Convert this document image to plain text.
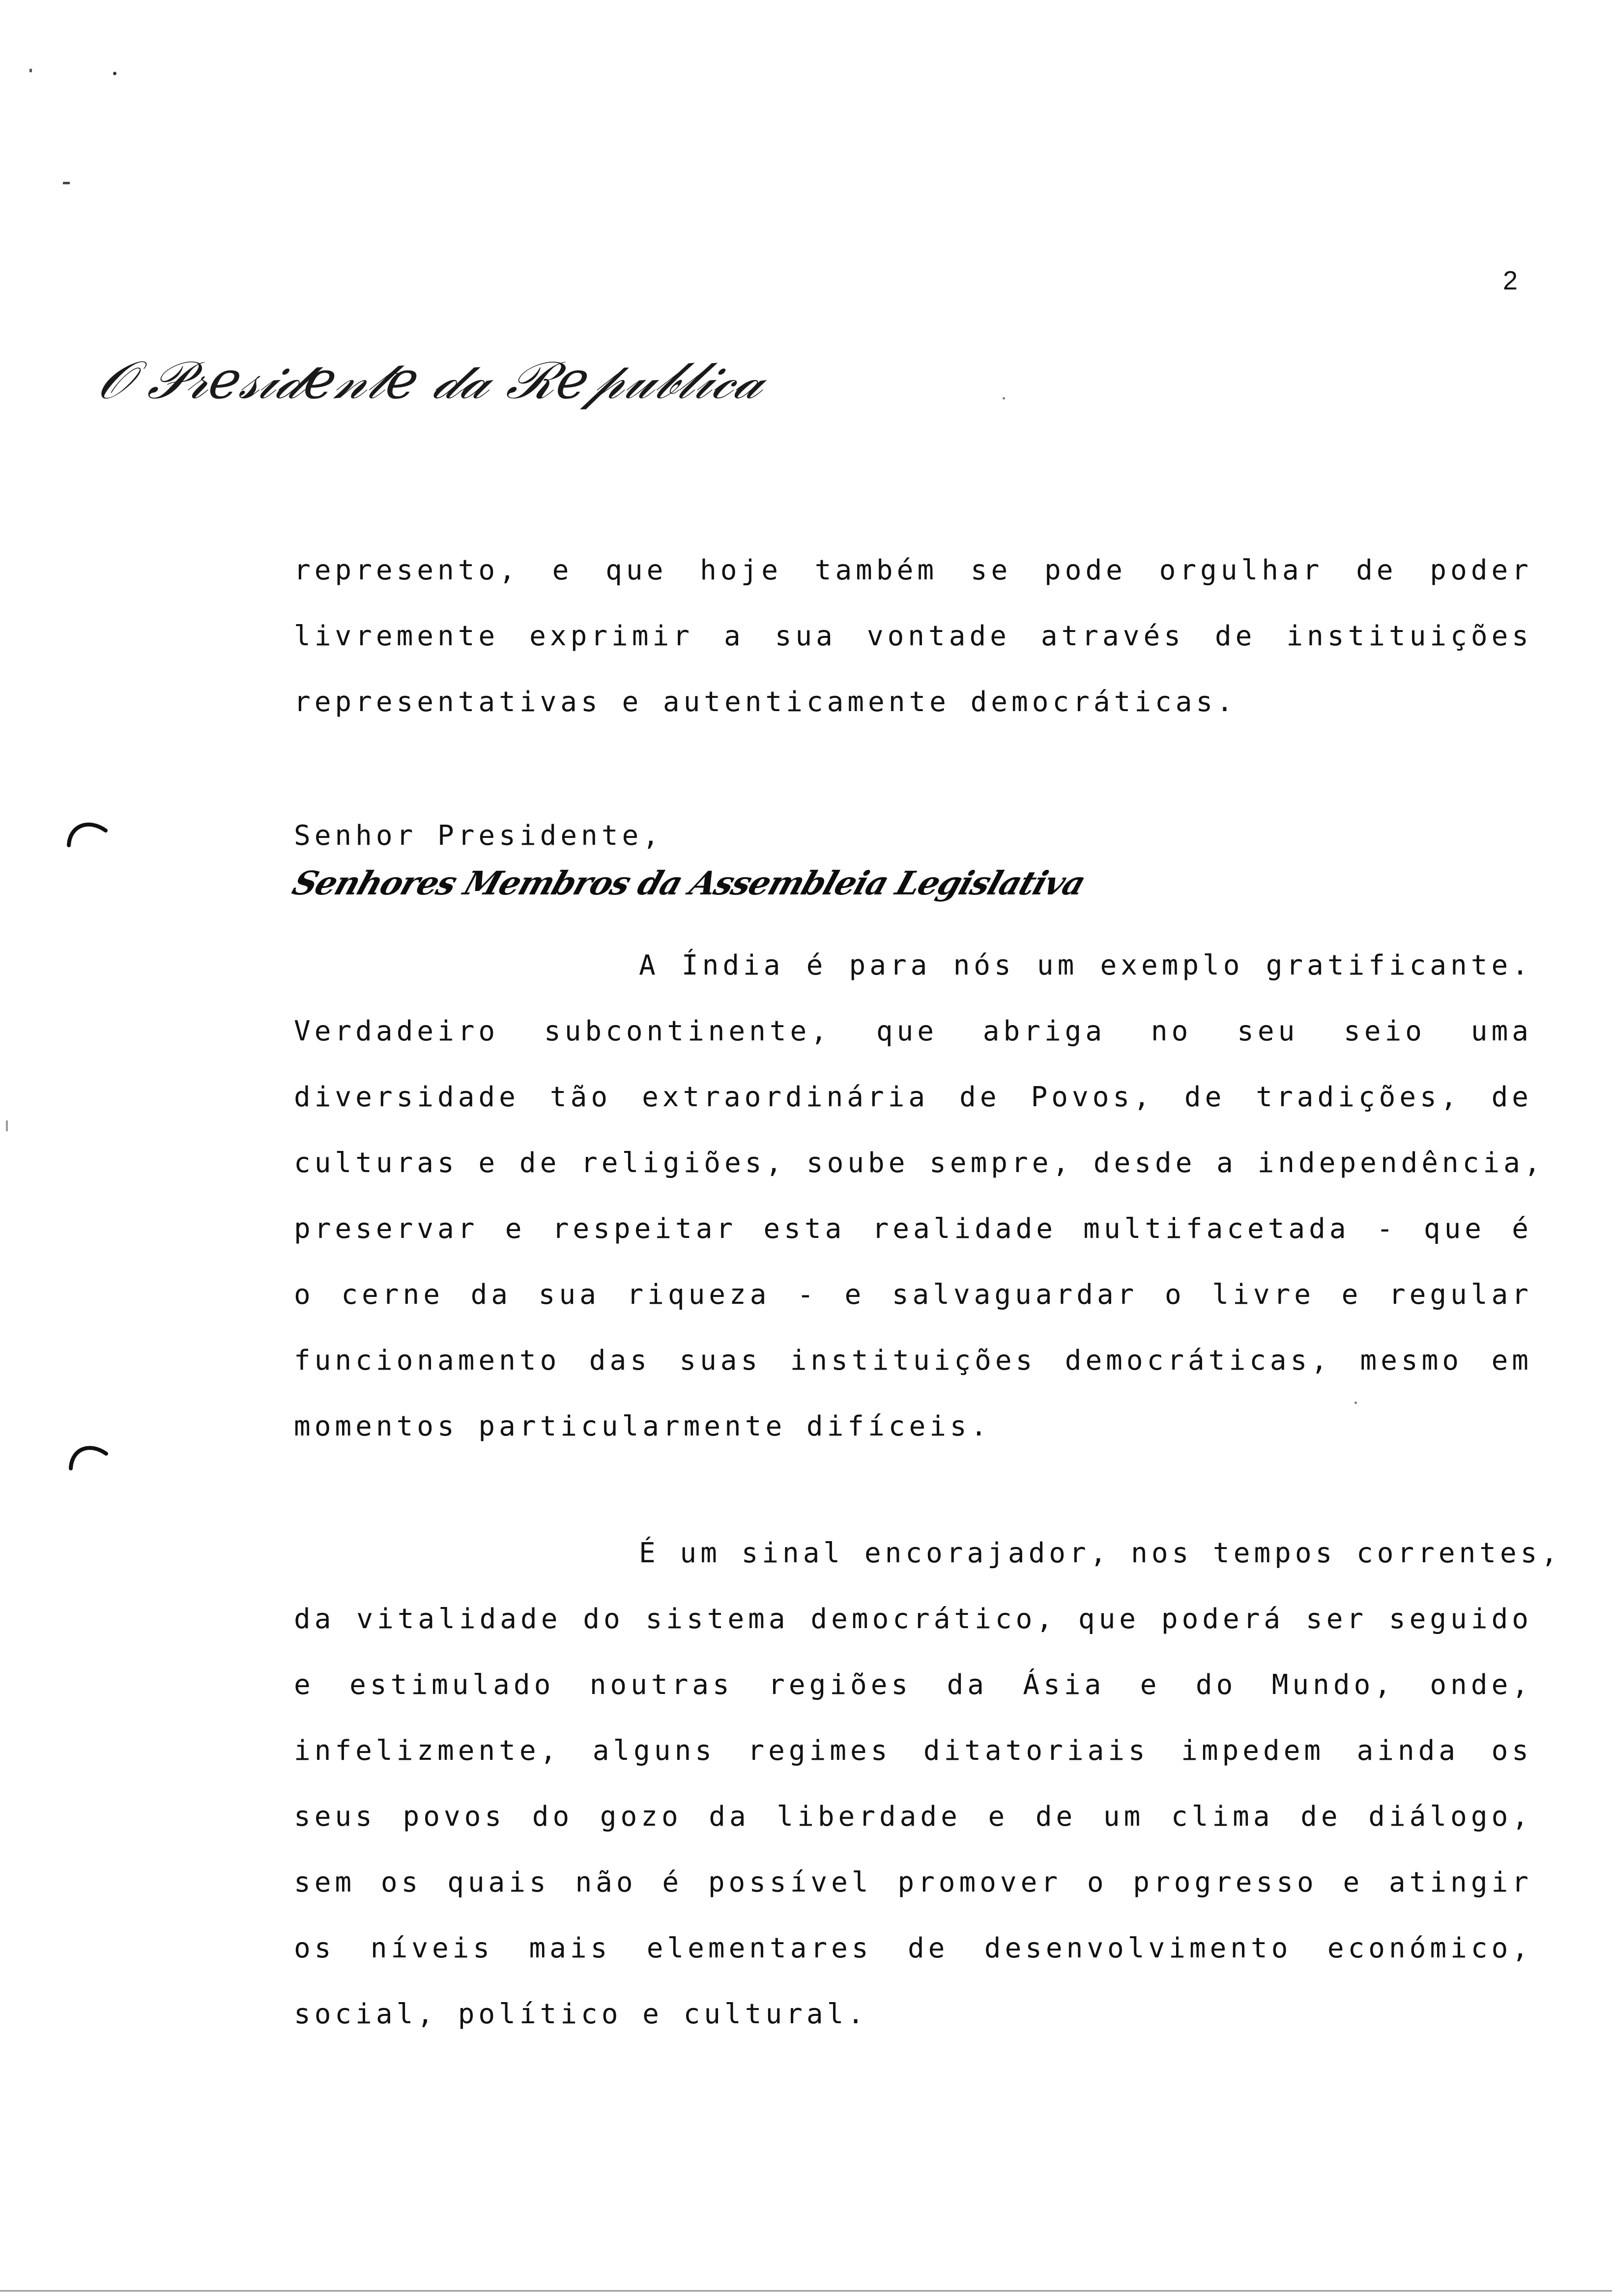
2
𝒪 𝒫𝓇𝑒𝓈𝒾𝒹𝑒𝓃𝓉𝑒 𝒹𝒶 ℛ𝑒𝓅𝓊𝒷𝓁𝒾𝒸𝒶
represento, e que hoje também se pode orgulhar de poder
livremente exprimir a sua vontade através de instituições
representativas e autenticamente democráticas.
Senhor Presidente,
Senhores Membros da Assembleia Legislativa
A Índia é para nós um exemplo gratificante.
Verdadeiro subcontinente, que abriga no seu seio uma
diversidade tão extraordinária de Povos, de tradições, de
culturas e de religiões, soube sempre, desde a independência,
preservar e respeitar esta realidade multifacetada - que é
o cerne da sua riqueza - e salvaguardar o livre e regular
funcionamento das suas instituições democráticas, mesmo em
momentos particularmente difíceis.
É um sinal encorajador, nos tempos correntes,
da vitalidade do sistema democrático, que poderá ser seguido
e estimulado noutras regiões da Ásia e do Mundo, onde,
infelizmente, alguns regimes ditatoriais impedem ainda os
seus povos do gozo da liberdade e de um clima de diálogo,
sem os quais não é possível promover o progresso e atingir
os níveis mais elementares de desenvolvimento económico,
social, político e cultural.
